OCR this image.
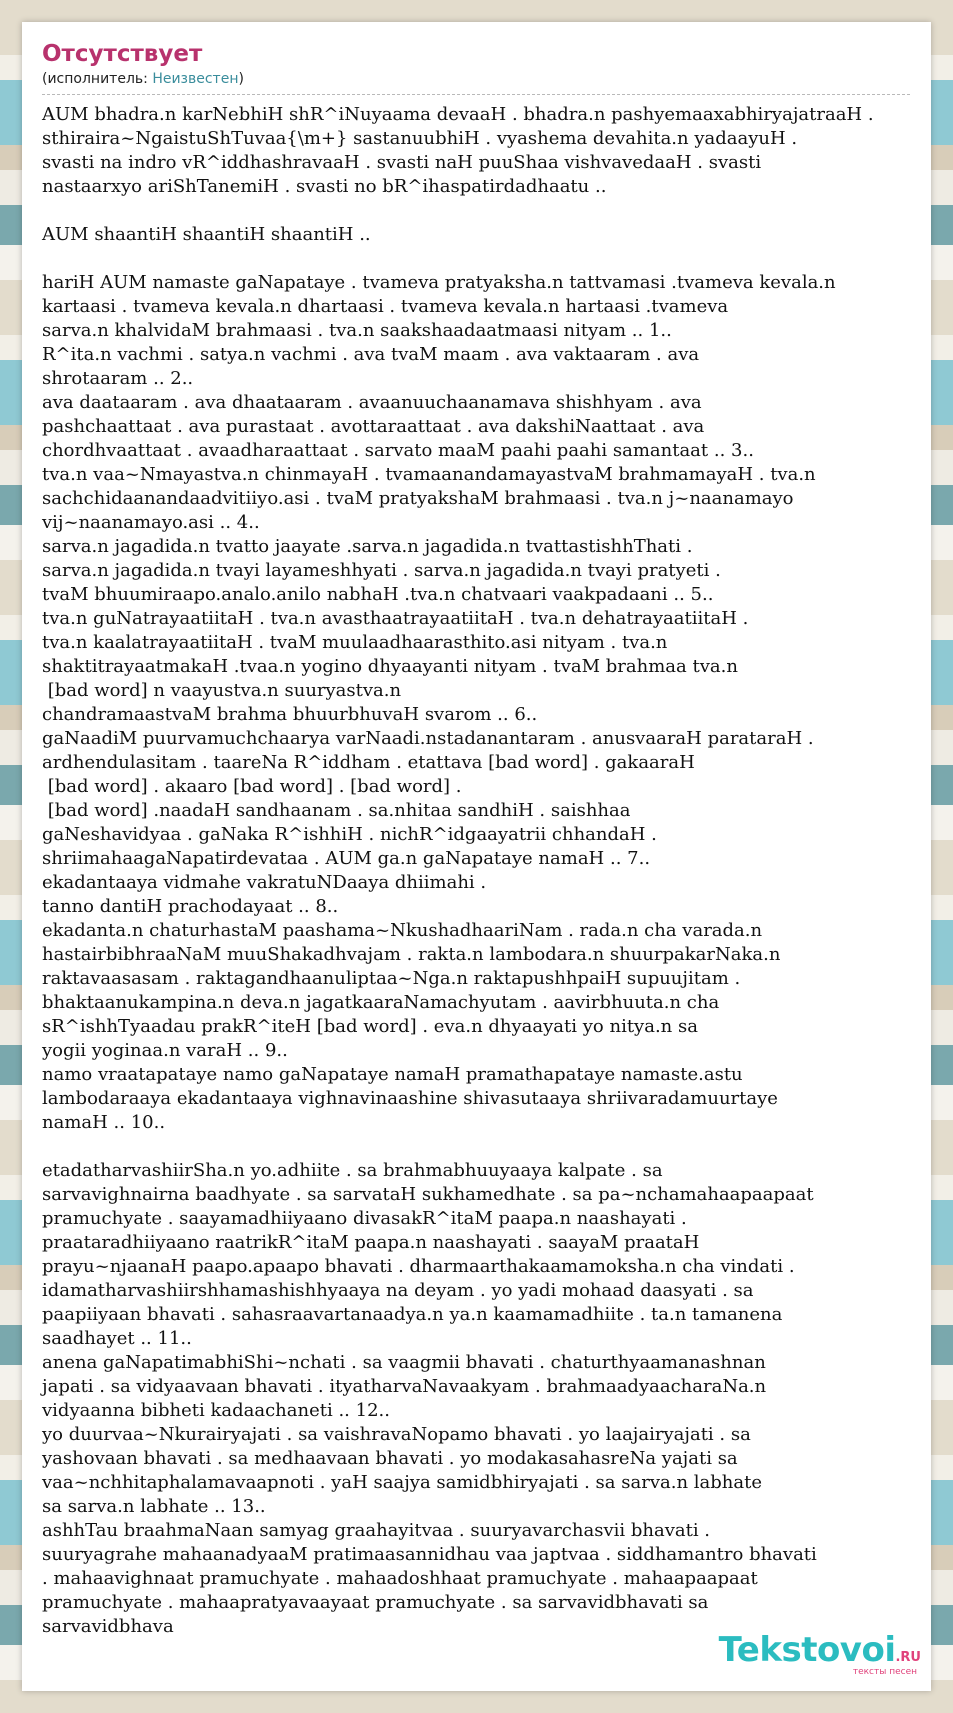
Отсутствует
(исполнитель: Неизвестен)
AUM bhadra.n karNebhiH shR^iNuyaama devaaH . bhadra.n pashyemaaxabhiryajatraaH .
sthiraira~NgaistuShTuvaa{\m+} sastanuubhiH . vyashema devahita.n yadaayuH .
svasti na indro vR^iddhashravaaH . svasti naH puuShaa vishvavedaaH . svasti
nastaarxyo ariShTanemiH . svasti no bR^ihaspatirdadhaatu ..

AUM shaantiH shaantiH shaantiH ..

hariH AUM namaste gaNapataye . tvameva pratyaksha.n tattvamasi .tvameva kevala.n
kartaasi . tvameva kevala.n dhartaasi . tvameva kevala.n hartaasi .tvameva
sarva.n khalvidaM brahmaasi . tva.n saakshaadaatmaasi nityam .. 1..
R^ita.n vachmi . satya.n vachmi . ava tvaM maam . ava vaktaaram . ava
shrotaaram .. 2..
ava daataaram . ava dhaataaram . avaanuuchaanamava shishhyam . ava
pashchaattaat . ava purastaat . avottaraattaat . ava dakshiNaattaat . ava
chordhvaattaat . avaadharaattaat . sarvato maaM paahi paahi samantaat .. 3..
tva.n vaa~Nmayastva.n chinmayaH . tvamaanandamayastvaM brahmamayaH . tva.n
sachchidaanandaadvitiiyo.asi . tvaM pratyakshaM brahmaasi . tva.n j~naanamayo
vij~naanamayo.asi .. 4..
sarva.n jagadida.n tvatto jaayate .sarva.n jagadida.n tvattastishhThati .
sarva.n jagadida.n tvayi layameshhyati . sarva.n jagadida.n tvayi pratyeti .
tvaM bhuumiraapo.analo.anilo nabhaH .tva.n chatvaari vaakpadaani .. 5..
tva.n guNatrayaatiitaH . tva.n avasthaatrayaatiitaH . tva.n dehatrayaatiitaH .
tva.n kaalatrayaatiitaH . tvaM muulaadhaarasthito.asi nityam . tva.n
shaktitrayaatmakaH .tvaa.n yogino dhyaayanti nityam . tvaM brahmaa tva.n
[bad word] n vaayustva.n suuryastva.n
chandramaastvaM brahma bhuurbhuvaH svarom .. 6..
gaNaadiM puurvamuchchaarya varNaadi.nstadanantaram . anusvaaraH parataraH .
ardhendulasitam . taareNa R^iddham . etattava [bad word] . gakaaraH
[bad word] . akaaro [bad word] . [bad word] .
[bad word] .naadaH sandhaanam . sa.nhitaa sandhiH . saishhaa
gaNeshavidyaa . gaNaka R^ishhiH . nichR^idgaayatrii chhandaH .
shriimahaagaNapatirdevataa . AUM ga.n gaNapataye namaH .. 7..
ekadantaaya vidmahe vakratuNDaaya dhiimahi .
tanno dantiH prachodayaat .. 8..
ekadanta.n chaturhastaM paashama~NkushadhaariNam . rada.n cha varada.n
hastairbibhraaNaM muuShakadhvajam . rakta.n lambodara.n shuurpakarNaka.n
raktavaasasam . raktagandhaanuliptaa~Nga.n raktapushhpaiH supuujitam .
bhaktaanukampina.n deva.n jagatkaaraNamachyutam . aavirbhuuta.n cha
sR^ishhTyaadau prakR^iteH [bad word] . eva.n dhyaayati yo nitya.n sa
yogii yoginaa.n varaH .. 9..
namo vraatapataye namo gaNapataye namaH pramathapataye namaste.astu
lambodaraaya ekadantaaya vighnavinaashine shivasutaaya shriivaradamuurtaye
namaH .. 10..

etadatharvashiirSha.n yo.adhiite . sa brahmabhuuyaaya kalpate . sa
sarvavighnairna baadhyate . sa sarvataH sukhamedhate . sa pa~nchamahaapaapaat
pramuchyate . saayamadhiiyaano divasakR^itaM paapa.n naashayati .
praataradhiiyaano raatrikR^itaM paapa.n naashayati . saayaM praataH
prayu~njaanaH paapo.apaapo bhavati . dharmaarthakaamamoksha.n cha vindati .
idamatharvashiirshhamashishhyaaya na deyam . yo yadi mohaad daasyati . sa
paapiiyaan bhavati . sahasraavartanaadya.n ya.n kaamamadhiite . ta.n tamanena
saadhayet .. 11..
anena gaNapatimabhiShi~nchati . sa vaagmii bhavati . chaturthyaamanashnan
japati . sa vidyaavaan bhavati . ityatharvaNavaakyam . brahmaadyaacharaNa.n
vidyaanna bibheti kadaachaneti .. 12..
yo duurvaa~Nkurairyajati . sa vaishravaNopamo bhavati . yo laajairyajati . sa
yashovaan bhavati . sa medhaavaan bhavati . yo modakasahasreNa yajati sa
vaa~nchhitaphalamavaapnoti . yaH saajya samidbhiryajati . sa sarva.n labhate
sa sarva.n labhate .. 13..
ashhTau braahmaNaan samyag graahayitvaa . suuryavarchasvii bhavati .
suuryagrahe mahaanadyaaM pratimaasannidhau vaa japtvaa . siddhamantro bhavati
. mahaavighnaat pramuchyate . mahaadoshhaat pramuchyate . mahaapaapaat
pramuchyate . mahaapratyavaayaat pramuchyate . sa sarvavidbhavati sa
sarvavidbhava
Tekstovoi.RU
тексты песен
